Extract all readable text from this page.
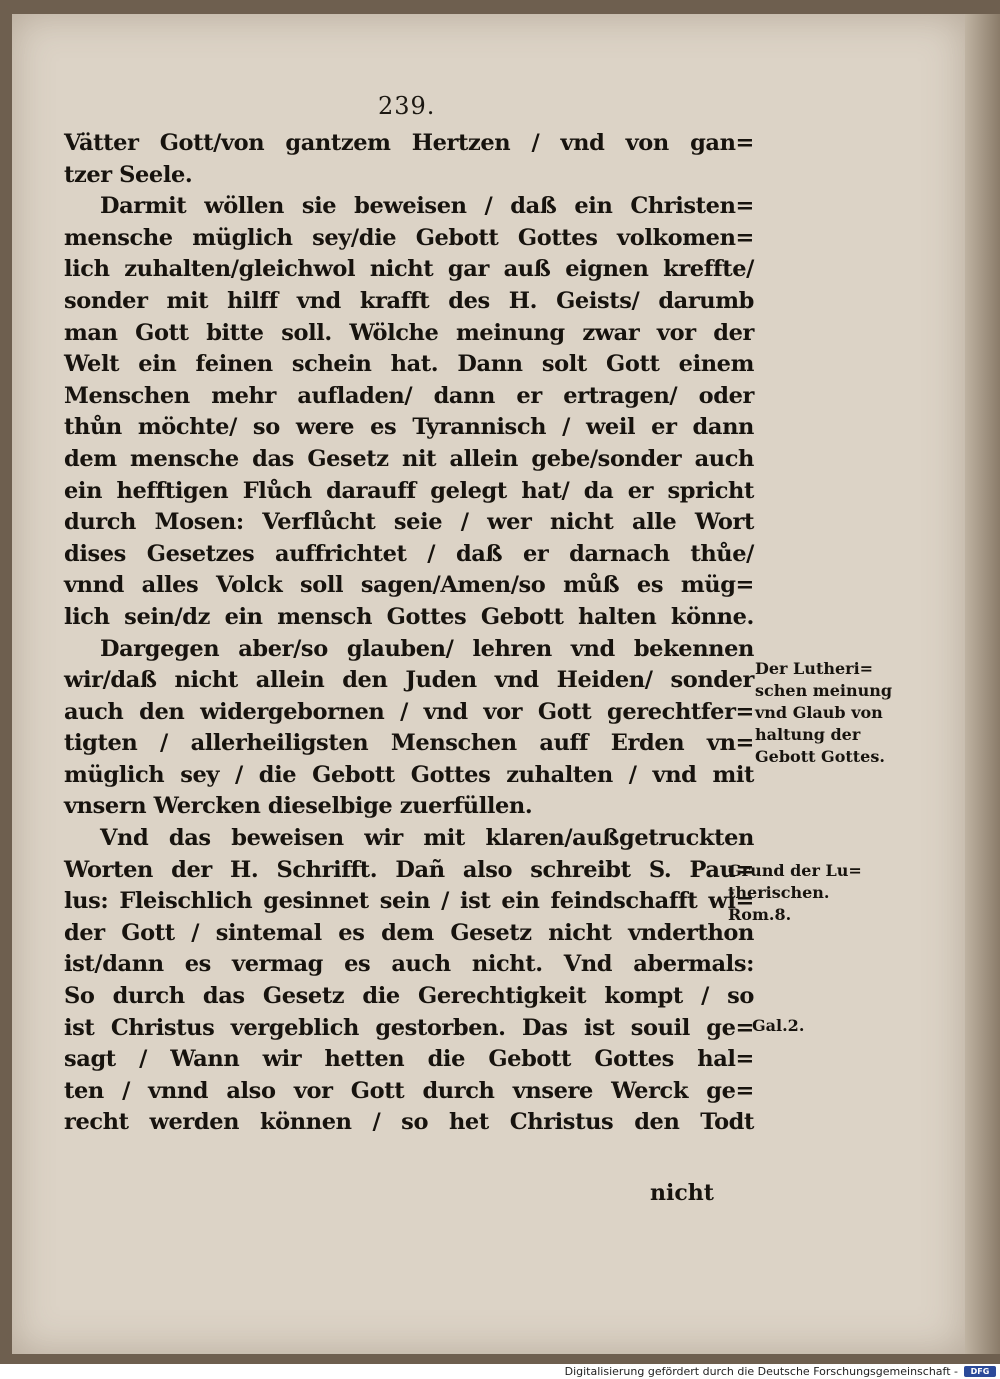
239.
Vätter Gott/von gantzem Hertzen / vnd von gan=
tzer Seele.
Darmit wöllen sie beweisen / daß ein Christen=
mensche müglich sey/die Gebott Gottes volkomen=
lich zuhalten/gleichwol nicht gar auß eignen kreffte/
sonder mit hilff vnd krafft des H. Geists/ darumb
man Gott bitte soll. Wölche meinung zwar vor der
Welt ein feinen schein hat. Dann solt Gott einem
Menschen mehr aufladen/ dann er ertragen/ oder
thůn möchte/ so were es Tyrannisch / weil er dann
dem mensche das Gesetz nit allein gebe/sonder auch
ein hefftigen Flůch darauff gelegt hat/ da er spricht
durch Mosen: Verflůcht seie / wer nicht alle Wort
dises Gesetzes auffrichtet / daß er darnach thůe/
vnnd alles Volck soll sagen/Amen/so můß es müg=
lich sein/dz ein mensch Gottes Gebott halten könne.
Dargegen aber/so glauben/ lehren vnd bekennen
wir/daß nicht allein den Juden vnd Heiden/ sonder
auch den widergebornen / vnd vor Gott gerechtfer=
tigten / allerheiligsten Menschen auff Erden vn=
müglich sey / die Gebott Gottes zuhalten / vnd mit
vnsern Wercken dieselbige zuerfüllen.
Vnd das beweisen wir mit klaren/außgetruckten
Worten der H. Schrifft. Dañ also schreibt S. Pau=
lus: Fleischlich gesinnet sein / ist ein feindschafft wi=
der Gott / sintemal es dem Gesetz nicht vnderthon
ist/dann es vermag es auch nicht. Vnd abermals:
So durch das Gesetz die Gerechtigkeit kompt / so
ist Christus vergeblich gestorben. Das ist souil ge=
sagt / Wann wir hetten die Gebott Gottes hal=
ten / vnnd also vor Gott durch vnsere Werck ge=
recht werden können / so het Christus den Todt
nicht
Der Lutheri=
schen meinung
vnd Glaub von
haltung der
Gebott Gottes.
Grund der Lu=
therischen.
Rom.8.
Gal.2.
Digitalisierung gefördert durch die Deutsche Forschungsgemeinschaft -	DFG
